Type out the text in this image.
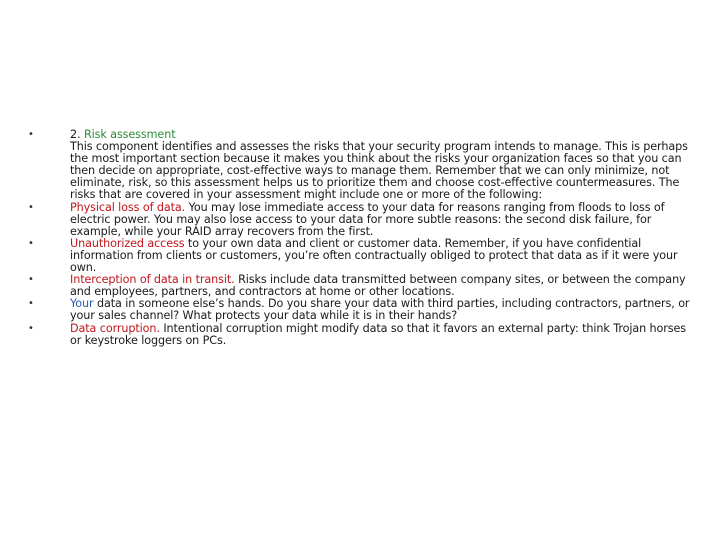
•	2. Risk assessment
This component identifies and assesses the risks that your security program intends to manage. This is perhaps the most important section because it makes you think about the risks your organization faces so that you can then decide on appropriate, cost-effective ways to manage them. Remember that we can only minimize, not eliminate, risk, so this assessment helps us to prioritize them and choose cost-effective countermeasures. The risks that are covered in your assessment might include one or more of the following:
•	Physical loss of data. You may lose immediate access to your data for reasons ranging from floods to loss of electric power. You may also lose access to your data for more subtle reasons: the second disk failure, for example, while your RAID array recovers from the first.
•	Unauthorized access to your own data and client or customer data. Remember, if you have confidential information from clients or customers, you’re often contractually obliged to protect that data as if it were your own.
•	Interception of data in transit. Risks include data transmitted between company sites, or between the company and employees, partners, and contractors at home or other locations.
•	Your data in someone else’s hands. Do you share your data with third parties, including contractors, partners, or your sales channel? What protects your data while it is in their hands?
•	Data corruption. Intentional corruption might modify data so that it favors an external party: think Trojan horses or keystroke loggers on PCs.
